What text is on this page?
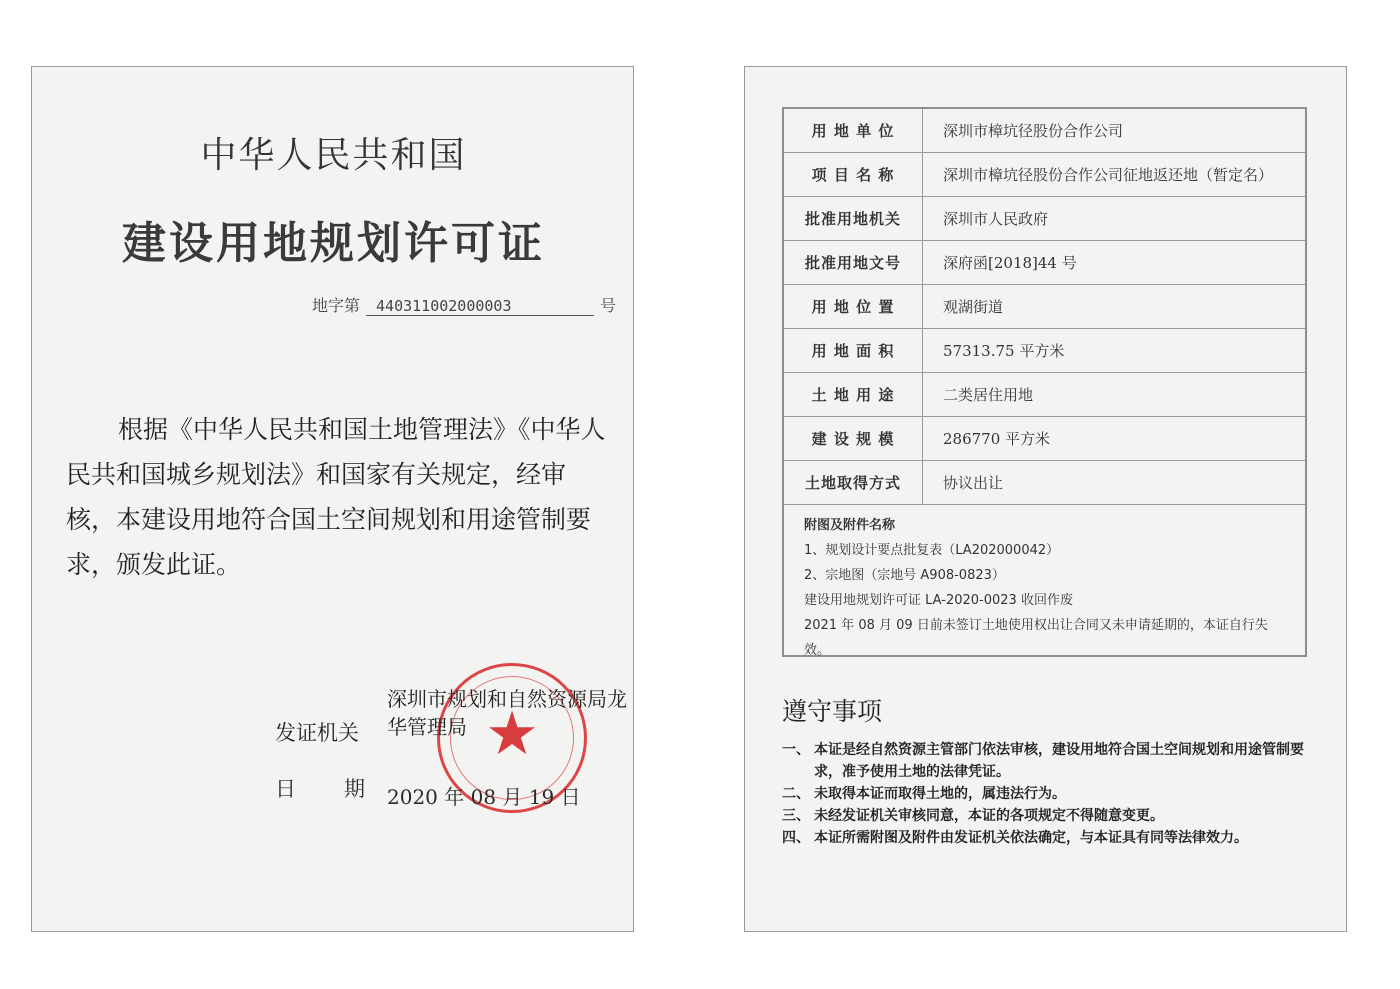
中华人民共和国
建设用地规划许可证
地字第	440311002000003	号
根据《中华人民共和国土地管理法》《中华人民共和国城乡规划法》和国家有关规定，经审核，本建设用地符合国土空间规划和用途管制要求，颁发此证。
★
发证机关
深圳市规划和自然资源局龙华管理局
日 期 2020 年 08 月 19 日
用 地 单 位	深圳市樟坑径股份合作公司
项 目 名 称	深圳市樟坑径股份合作公司征地返还地（暂定名）
批准用地机关	深圳市人民政府
批准用地文号	深府函[2018]44 号
用 地 位 置	观湖街道
用 地 面 积	57313.75 平方米
土 地 用 途	二类居住用地
建 设 规 模	286770 平方米
土地取得方式	协议出让
附图及附件名称
1、规划设计要点批复表（LA202000042）
2、宗地图（宗地号 A908-0823）
建设用地规划许可证 LA-2020-0023 收回作废
2021 年 08 月 09 日前未签订土地使用权出让合同又未申请延期的，本证自行失效。
遵守事项
一、 本证是经自然资源主管部门依法审核，建设用地符合国土空间规划和用途管制要求，准予使用土地的法律凭证。
二、 未取得本证而取得土地的，属违法行为。
三、 未经发证机关审核同意，本证的各项规定不得随意变更。
四、 本证所需附图及附件由发证机关依法确定，与本证具有同等法律效力。
